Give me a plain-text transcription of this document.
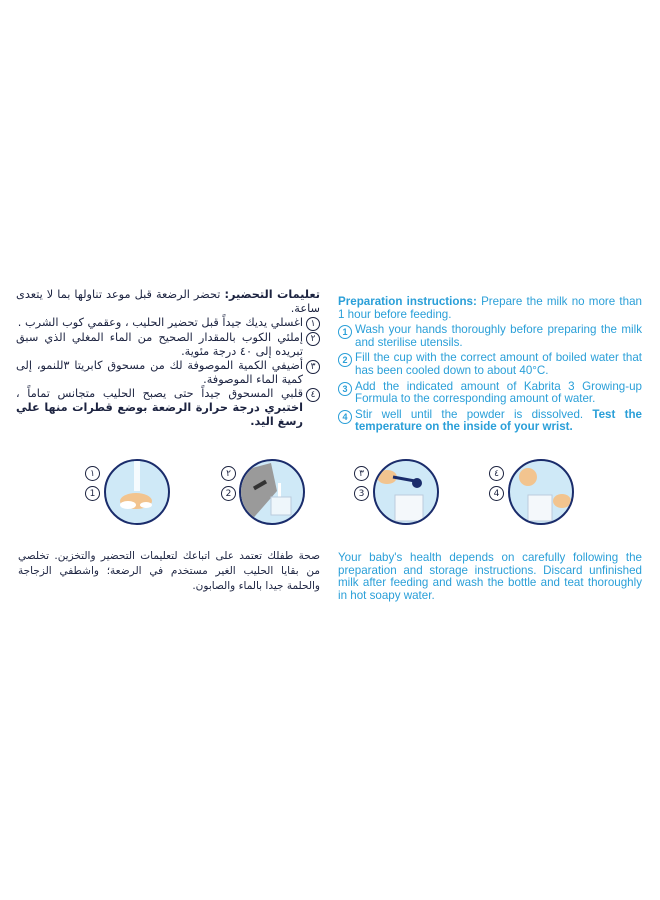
تعليمات التحضير: تحضر الرضعة قبل موعد تناولها بما لا يتعدى ساعة.
١
اغسلي يديك جيداً قبل تحضير الحليب ، وعقمي كوب الشرب .
٢
إملئي الكوب بالمقدار الصحيح من الماء المغلي الذي سبق تبريده إلى ٤٠ درجة مئوية.
٣
أضيفي الكمية الموصوفة لك من مسحوق كابريتا ٣للنمو، إلى كمية الماء الموصوفة.
٤
قلبي المسحوق جيداً حتى يصبح الحليب متجانس تماماً ، اختبري درجة حرارة الرضعة بوضع قطرات منها علي رسغ اليد.
Preparation instructions: Prepare the milk no more than 1 hour before feeding.
1 Wash your hands thoroughly before preparing the milk and sterilise utensils.
2 Fill the cup with the correct amount of boiled water that has been cooled down to about 40°C.
3 Add the indicated amount of Kabrita 3 Growing-up Formula to the corresponding amount of water.
4 Stir well until the powder is dissolved. Test the temperature on the inside of your wrist.
١
1
٢
2
٣
3
٤
4
صحة طفلك تعتمد على اتباعك لتعليمات التحضير والتخزين. تخلصي من بقايا الحليب الغير مستخدم في الرضعة؛ واشطفي الزجاجة والحلمة جيدا بالماء والصابون.
Your baby's health depends on carefully following the preparation and storage instructions. Discard unfinished milk after feeding and wash the bottle and teat thoroughly in hot soapy water.
